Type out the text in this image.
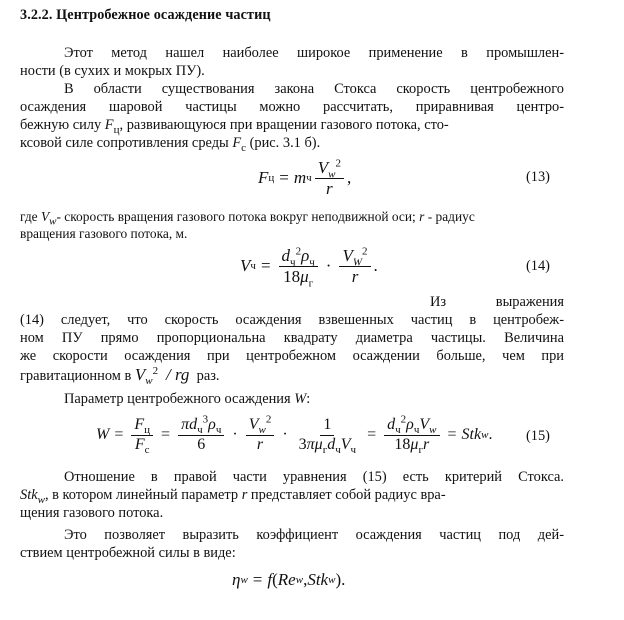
3.2.2. Центробежное осаждение частиц
Этот метод нашел наиболее широкое применение в промышлен-
ности (в сухих и мокрых ПУ).
В области существования закона Стокса скорость центробежного
осаждения шаровой частицы можно рассчитать, приравнивая центро-
бежную силу $F_ц$, развивающуюся при вращении газового потока, сто-
ксовой силе сопротивления среды $F_с$ (рис. 3.1 б).
F ц = m ч $\frac{V_w^2}{r}$ ,	(13)
где $V_w-$ скорость вращения газового потока вокруг неподвижной оси; r - радиус
вращения газового потока, м.
V $ч = \frac{d_ч^2\rho_ч}{18\mu_г} \cdot \frac{V_W^2}{r}$ .	(14)
Из	выражения
(14) следует, что скорость осаждения взвешенных частиц в центробеж-
ном ПУ прямо пропорциональна квадрату диаметра частицы. Величина
же скорости осаждения при центробежном осаждении больше, чем при
гравитационном в $V_w^2$  / rg раз.
Параметр центробежного осаждения W:
$W = \frac{F_ц}{F_с} = \frac{\pi d_ч^3\rho_ч}{6} \cdot \frac{V_w^2}{r} \cdot \frac{1}{3\pi\mu_гd_чV_ч} = \frac{d_ч^2\rho_чV_w}{18\mu_гr}$ = Stk w . (15)
Отношение в правой части уравнения (15) есть критерий Стокса.
Stk$_w$, в котором линейный параметр r представляет собой радиус вра-
щения газового потока.
Это позволяет выразить коэффициент осаждения частиц под дей-
ствием центробежной силы в виде:
η w = f ( Re w , Stk w ).
